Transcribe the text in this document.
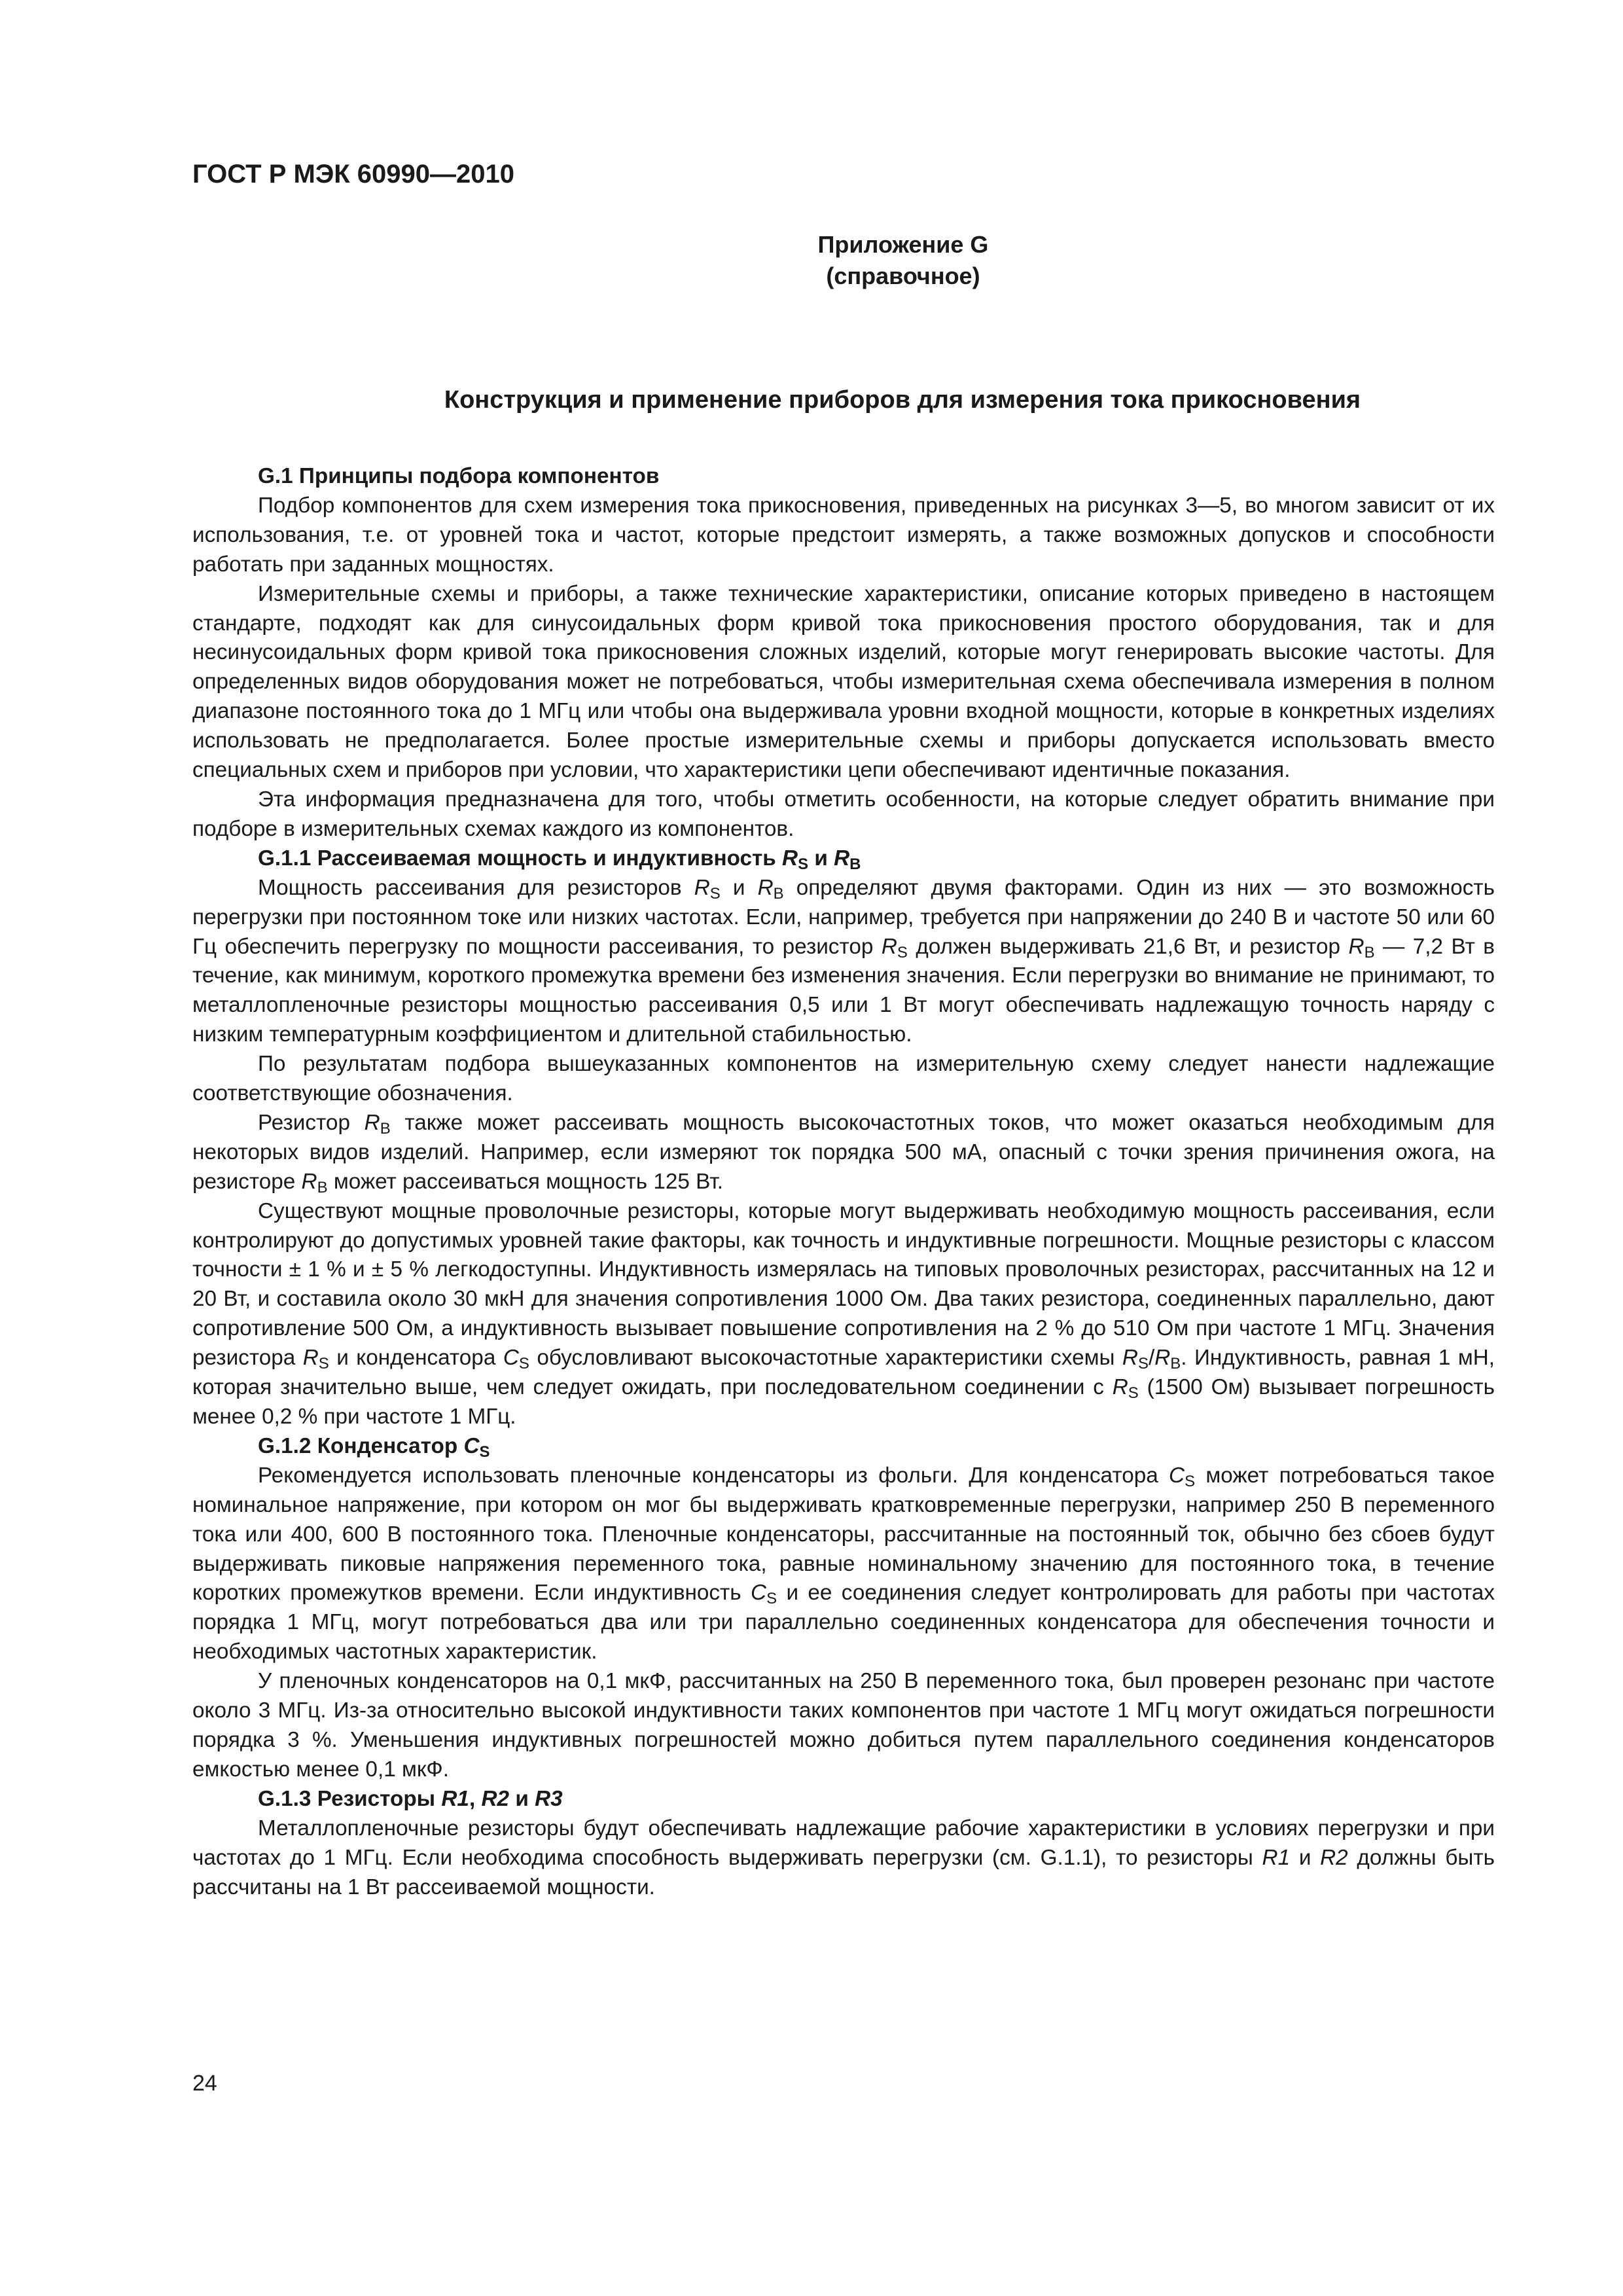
ГОСТ Р МЭК 60990—2010

Приложение G

(справочное)

Конструкция и применение приборов для измерения тока прикосновения

G.1 Принципы подбора компонентов

Подбор компонентов для схем измерения тока прикосновения, приведенных на рисунках 3—5, во многом зависит от их использования, т.е. от уровней тока и частот, которые предстоит измерять, а также возможных допусков и способности работать при заданных мощностях.

Измерительные схемы и приборы, а также технические характеристики, описание которых приведено в настоящем стандарте, подходят как для синусоидальных форм кривой тока прикосновения простого оборудования, так и для несинусоидальных форм кривой тока прикосновения сложных изделий, которые могут генерировать высокие частоты. Для определенных видов оборудования может не потребоваться, чтобы измерительная схема обеспечивала измерения в полном диапазоне постоянного тока до 1 МГц или чтобы она выдерживала уровни входной мощности, которые в конкретных изделиях использовать не предполагается. Более простые измерительные схемы и приборы допускается использовать вместо специальных схем и приборов при условии, что характеристики цепи обеспечивают идентичные показания.

Эта информация предназначена для того, чтобы отметить особенности, на которые следует обратить внимание при подборе в измерительных схемах каждого из компонентов.

G.1.1 Рассеиваемая мощность и индуктивность $R_S$ и $R_B$

Мощность рассеивания для резисторов $R_S$ и $R_B$ определяют двумя факторами. Один из них — это возможность перегрузки при постоянном токе или низких частотах. Если, например, требуется при напряжении до 240 В и частоте 50 или 60 Гц обеспечить перегрузку по мощности рассеивания, то резистор $R_S$ должен выдерживать 21,6 Вт, и резистор $R_B$ — 7,2 Вт в течение, как минимум, короткого промежутка времени без изменения значения. Если перегрузки во внимание не принимают, то металлопленочные резисторы мощностью рассеивания 0,5 или 1 Вт могут обеспечивать надлежащую точность наряду с низким температурным коэффициентом и длительной стабильностью.

По результатам подбора вышеуказанных компонентов на измерительную схему следует нанести надлежащие соответствующие обозначения.

Резистор $R_B$ также может рассеивать мощность высокочастотных токов, что может оказаться необходимым для некоторых видов изделий. Например, если измеряют ток порядка 500 мА, опасный с точки зрения причинения ожога, на резисторе $R_B$ может рассеиваться мощность 125 Вт.

Существуют мощные проволочные резисторы, которые могут выдерживать необходимую мощность рассеивания, если контролируют до допустимых уровней такие факторы, как точность и индуктивные погрешности. Мощные резисторы с классом точности ± 1 % и ± 5 % легкодоступны. Индуктивность измерялась на типовых проволочных резисторах, рассчитанных на 12 и 20 Вт, и составила около 30 мкН для значения сопротивления 1000 Ом. Два таких резистора, соединенных параллельно, дают сопротивление 500 Ом, а индуктивность вызывает повышение сопротивления на 2 % до 510 Ом при частоте 1 МГц. Значения резистора $R_S$ и конденсатора $C_S$ обусловливают высокочастотные характеристики схемы $R_S/R_B$. Индуктивность, равная 1 мН, которая значительно выше, чем следует ожидать, при последовательном соединении с $R_S$ (1500 Ом) вызывает погрешность менее 0,2 % при частоте 1 МГц.

G.1.2 Конденсатор $C_S$

Рекомендуется использовать пленочные конденсаторы из фольги. Для конденсатора $C_S$ может потребоваться такое номинальное напряжение, при котором он мог бы выдерживать кратковременные перегрузки, например 250 В переменного тока или 400, 600 В постоянного тока. Пленочные конденсаторы, рассчитанные на постоянный ток, обычно без сбоев будут выдерживать пиковые напряжения переменного тока, равные номинальному значению для постоянного тока, в течение коротких промежутков времени. Если индуктивность $C_S$ и ее соединения следует контролировать для работы при частотах порядка 1 МГц, могут потребоваться два или три параллельно соединенных конденсатора для обеспечения точности и необходимых частотных характеристик.

У пленочных конденсаторов на 0,1 мкФ, рассчитанных на 250 В переменного тока, был проверен резонанс при частоте около 3 МГц. Из-за относительно высокой индуктивности таких компонентов при частоте 1 МГц могут ожидаться погрешности порядка 3 %. Уменьшения индуктивных погрешностей можно добиться путем параллельного соединения конденсаторов емкостью менее 0,1 мкФ.

G.1.3 Резисторы R1, R2 и R3

Металлопленочные резисторы будут обеспечивать надлежащие рабочие характеристики в условиях перегрузки и при частотах до 1 МГц. Если необходима способность выдерживать перегрузки (см. G.1.1), то резисторы R1 и R2 должны быть рассчитаны на 1 Вт рассеиваемой мощности.

24
